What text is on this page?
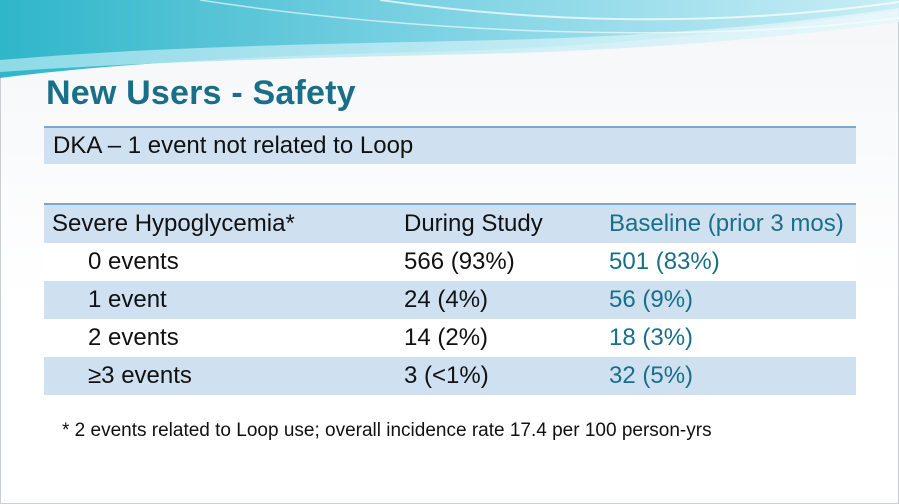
New Users - Safety
DKA – 1 event not related to Loop
Severe Hypoglycemia*	During Study	Baseline (prior 3 mos)
0 events	566 (93%)	501 (83%)
1 event	24 (4%)	56 (9%)
2 events	14 (2%)	18 (3%)
≥3 events	3 (<1%)	32 (5%)
* 2 events related to Loop use; overall incidence rate 17.4 per 100 person-yrs
